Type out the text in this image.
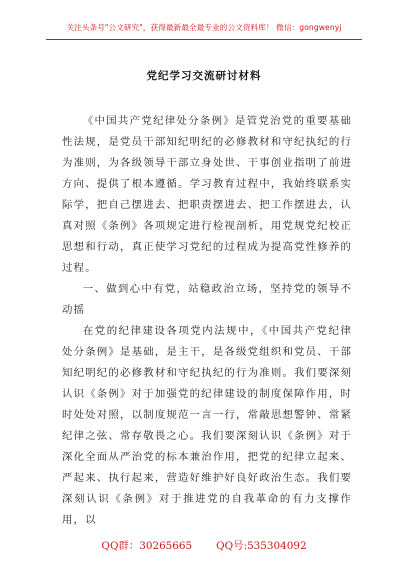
关注头条号"公文研究"，获得最新最全最专业的公文资料库！ 微信：gongwenyj
党纪学习交流研讨材料

《中国共产党纪律处分条例》是管党治党的重要基础性法规，是党员干部知纪明纪的必修教材和守纪执纪的行为准则，为各级领导干部立身处世、干事创业指明了前进方向、提供了根本遵循。学习教育过程中，我始终联系实际学，把自己摆进去、把职责摆进去、把工作摆进去，认真对照《条例》各项规定进行检视剖析，用党规党纪校正思想和行动，真正使学习党纪的过程成为提高党性修养的过程。

一、做到心中有党，站稳政治立场，坚持党的领导不动摇

在党的纪律建设各项党内法规中，《中国共产党纪律处分条例》是基础，是主干，是各级党组织和党员、干部知纪明纪的必修教材和守纪执纪的行为准则。我们要深刻认识《条例》对于加强党的纪律建设的制度保障作用，时时处处对照，以制度规范一言一行，常敲思想警钟、常紧纪律之弦、常存敬畏之心。我们要深刻认识《条例》对于深化全面从严治党的标本兼治作用，把党的纪律立起来、严起来、执行起来，营造好维护好良好政治生态。我们要深刻认识《条例》对于推进党的自我革命的有力支撑作用，以

QQ群：30265665 QQ号:535304092
